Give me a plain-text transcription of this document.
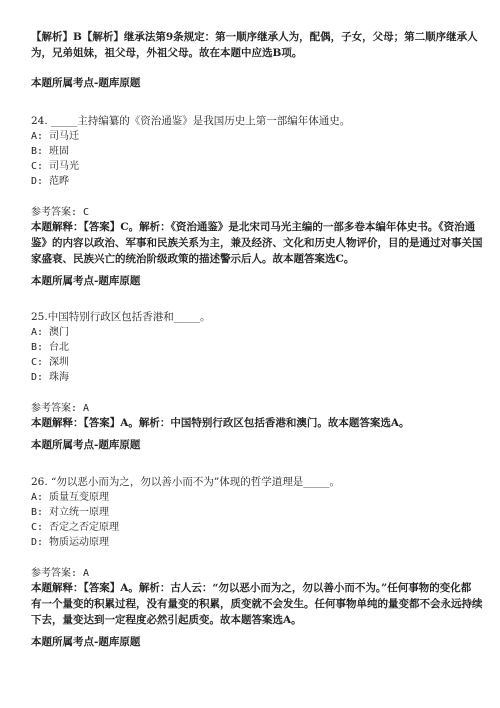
【解析】B【解析】继承法第9条规定：第一顺序继承人为，配偶，子女，父母；第二顺序继承人
为，兄弟姐妹，祖父母，外祖父母。故在本题中应选B项。
本题所属考点-题库原题
24. _____主持编纂的《资治通鉴》是我国历史上第一部编年体通史。
A: 司马迁
B: 班固
C: 司马光
D: 范晔
参考答案: C
本题解释：【答案】C。解析：《资治通鉴》是北宋司马光主编的一部多卷本编年体史书。《资治通
鉴》的内容以政治、军事和民族关系为主，兼及经济、文化和历史人物评价，目的是通过对事关国
家盛衰、民族兴亡的统治阶级政策的描述警示后人。故本题答案选C。
本题所属考点-题库原题
25.中国特别行政区包括香港和_____。
A: 澳门
B: 台北
C: 深圳
D: 珠海
参考答案: A
本题解释：【答案】A。解析：中国特别行政区包括香港和澳门。故本题答案选A。
本题所属考点-题库原题
26. “勿以恶小而为之，勿以善小而不为”体现的哲学道理是_____。
A: 质量互变原理
B: 对立统一原理
C: 否定之否定原理
D: 物质运动原理
参考答案: A
本题解释：【答案】A。解析：古人云：“勿以恶小而为之，勿以善小而不为。”任何事物的变化都
有一个量变的积累过程，没有量变的积累，质变就不会发生。任何事物单纯的量变都不会永远持续
下去，量变达到一定程度必然引起质变。故本题答案选A。
本题所属考点-题库原题
